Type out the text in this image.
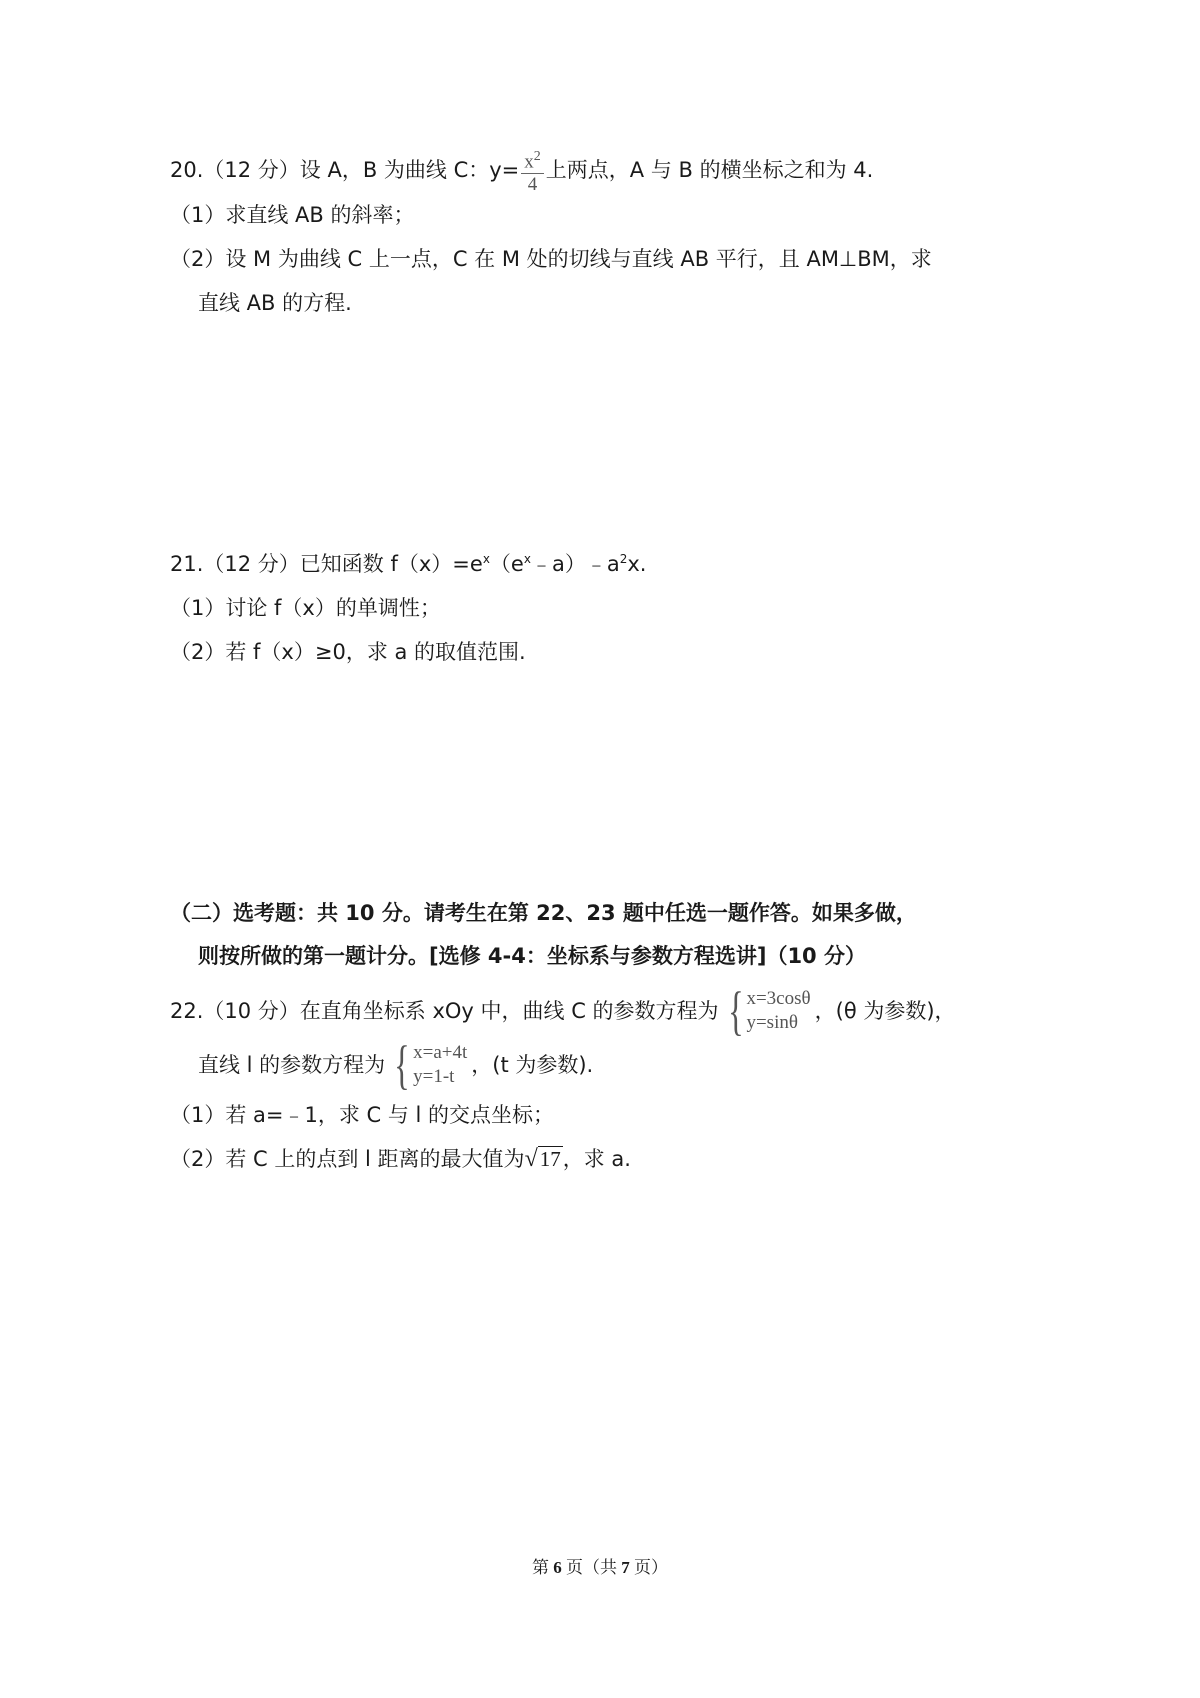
20.（12 分）设 A，B 为曲线 C：$y= \frac{x^2}{4}$ 上两点，A 与 B 的横坐标之和为 4.
（1）求直线 AB 的斜率；
（2）设 M 为曲线 C 上一点，C 在 M 处的切线与直线 AB 平行，且 AM⊥BM，求
直线 AB 的方程.
21.（12 分）已知函数 $f(x)=e^x(e^x﹣a)﹣a^2x$.
（1）讨论 f（x）的单调性；
（2）若 f（x）≥0，求 a 的取值范围.
（二）选考题：共 10 分。请考生在第 22、23 题中任选一题作答。如果多做，
则按所做的第一题计分。[选修 4-4：坐标系与参数方程选讲]（10 分）
22.（10 分）在直角坐标系 xOy 中，曲线 C 的参数方程为 { x=3cosθ
y=sinθ ，(θ 为参数)，
直线 l 的参数方程为 { x=a+4t
y=1-t ，(t 为参数).
（1）若 a=﹣1，求 C 与 l 的交点坐标；
（2）若 C 上的点到 l 距离的最大值为√17，求 a.
第 6 页（共 7 页）
